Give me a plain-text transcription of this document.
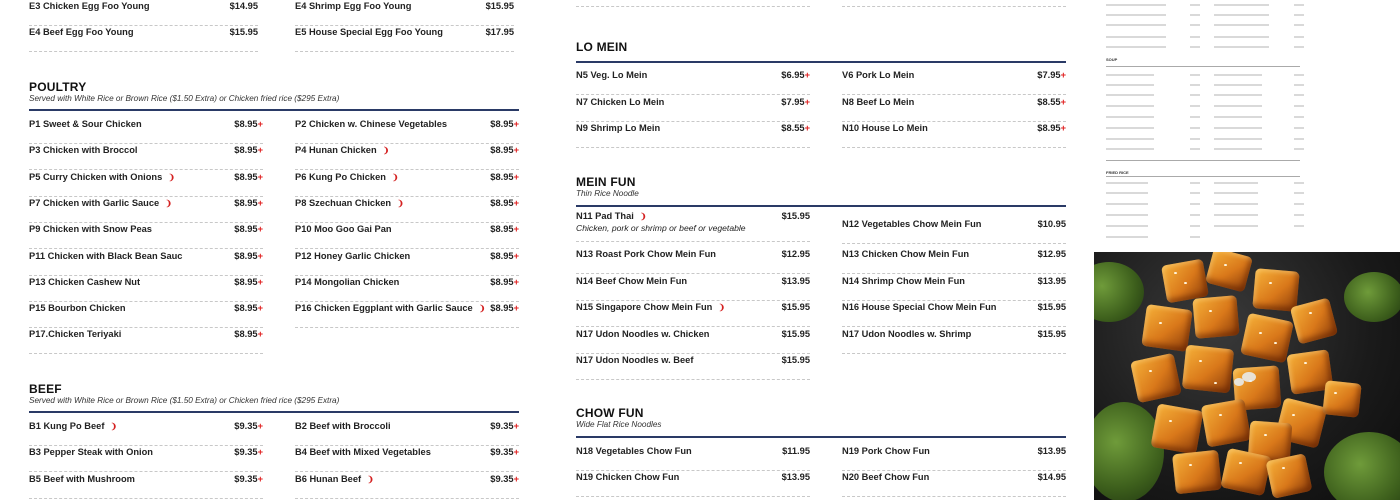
E3 Chicken Egg Foo Young	$14.95	E4 Shrimp Egg Foo Young	$15.95
E4 Beef Egg Foo Young	$15.95	E5 House Special Egg Foo Young	$17.95
POULTRY
Served with White Rice or Brown Rice ($1.50 Extra) or Chicken fried rice ($295 Extra)
P1 Sweet & Sour Chicken	$8.95+
P3 Chicken with Broccol	$8.95+
P5 Curry Chicken with Onions ❩	$8.95+
P7 Chicken with Garlic Sauce ❩	$8.95+
P9 Chicken with Snow Peas	$8.95+
P11 Chicken with Black Bean Sauc	$8.95+
P13 Chicken Cashew Nut	$8.95+
P15 Bourbon Chicken	$8.95+
P17.Chicken Teriyaki	$8.95+
P2 Chicken w. Chinese Vegetables	$8.95+
P4 Hunan Chicken ❩	$8.95+
P6 Kung Po Chicken ❩	$8.95+
P8 Szechuan Chicken ❩	$8.95+
P10 Moo Goo Gai Pan	$8.95+
P12 Honey Garlic Chicken	$8.95+
P14 Mongolian Chicken	$8.95+
P16 Chicken Eggplant with Garlic Sauce ❩ $8.95+
BEEF
Served with White Rice or Brown Rice ($1.50 Extra) or Chicken fried rice ($295 Extra)
B1 Kung Po Beef ❩	$9.35+
B3 Pepper Steak with Onion	$9.35+
B5 Beef with Mushroom	$9.35+
B2 Beef with Broccoli	$9.35+
B4 Beef with Mixed Vegetables	$9.35+
B6 Hunan Beef ❩	$9.35+
LO MEIN
N5 Veg. Lo Mein	$6.95+
N7 Chicken Lo Mein	$7.95+
N9 Shrimp Lo Mein	$8.55+
V6 Pork Lo Mein	$7.95+
N8 Beef Lo Mein	$8.55+
N10 House Lo Mein	$8.95+
MEIN FUN
Thin Rice Noodle
N11 Pad Thai ❩	$15.95
Chicken, pork or shrimp or beef or vegetable
N13 Roast Pork Chow Mein Fun	$12.95
N14 Beef Chow Mein Fun	$13.95
N15 Singapore Chow Mein Fun ❩	$15.95
N17 Udon Noodles w. Chicken	$15.95
N17 Udon Noodles w. Beef	$15.95
N12 Vegetables Chow Mein Fun	$10.95
N13 Chicken Chow Mein Fun	$12.95
N14 Shrimp Chow Mein Fun	$13.95
N16 House Special Chow Mein Fun	$15.95
N17 Udon Noodles w. Shrimp	$15.95
CHOW FUN
Wide Flat Rice Noodles
N18 Vegetables Chow Fun	$11.95
N19 Chicken Chow Fun	$13.95
N19 Pork Chow Fun	$13.95
N20 Beef Chow Fun	$14.95
SOUP
FRIED RICE
